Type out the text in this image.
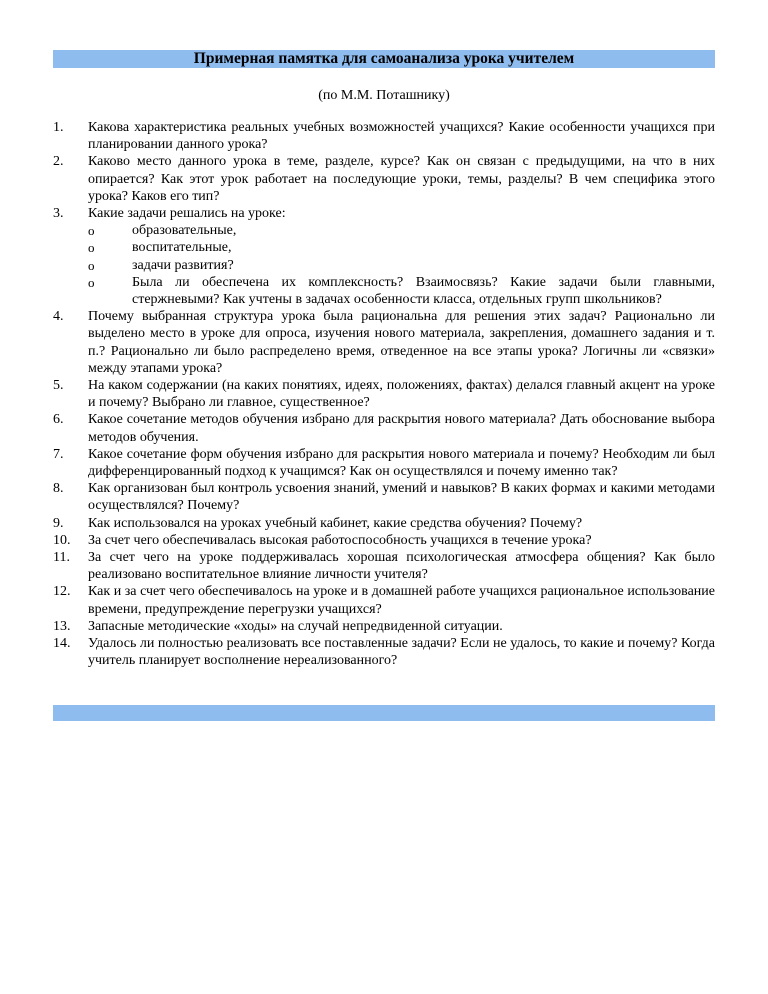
Примерная памятка для самоанализа урока учителем
(по М.М. Поташнику)
1. Какова характеристика реальных учебных возможностей учащихся? Какие особенности учащихся при планировании данного урока?
2. Каково место данного урока в теме, разделе, курсе? Как он связан с предыдущими, на что в них опирается? Как этот урок работает на последующие уроки, темы, разделы? В чем специфика этого урока? Каков его тип?
3. Какие задачи решались на уроке:
o	образовательные,
o	воспитательные,
o	задачи развития?
o	Была ли обеспечена их комплексность? Взаимосвязь? Какие задачи были главными, стержневыми? Как учтены в задачах особенности класса, отдельных групп школьников?
4. Почему выбранная структура урока была рациональна для решения этих задач? Рационально ли выделено место в уроке для опроса, изучения нового материала, закрепления, домашнего задания и т. п.? Рационально ли было распределено время, отведенное на все этапы урока? Логичны ли «связки» между этапами урока?
5. На каком содержании (на каких понятиях, идеях, положениях, фактах) делался главный акцент на уроке и почему? Выбрано ли главное, существенное?
6. Какое сочетание методов обучения избрано для раскрытия нового материала? Дать обоснование выбора методов обучения.
7. Какое сочетание форм обучения избрано для раскрытия нового материала и почему? Необходим ли был дифференцированный подход к учащимся? Как он осуществлялся и почему именно так?
8. Как организован был контроль усвоения знаний, умений и навыков? В каких формах и какими методами осуществлялся? Почему?
9. Как использовался на уроках учебный кабинет, какие средства обучения? Почему?
10. За счет чего обеспечивалась высокая работоспособность учащихся в течение урока?
11. За счет чего на уроке поддерживалась хорошая психологическая атмосфера общения? Как было реализовано воспитательное влияние личности учителя?
12. Как и за счет чего обеспечивалось на уроке и в домашней работе учащихся рациональное использование времени, предупреждение перегрузки учащихся?
13. Запасные методические «ходы» на случай непредвиденной ситуации.
14. Удалось ли полностью реализовать все поставленные задачи? Если не удалось, то какие и почему? Когда учитель планирует восполнение нереализованного?
